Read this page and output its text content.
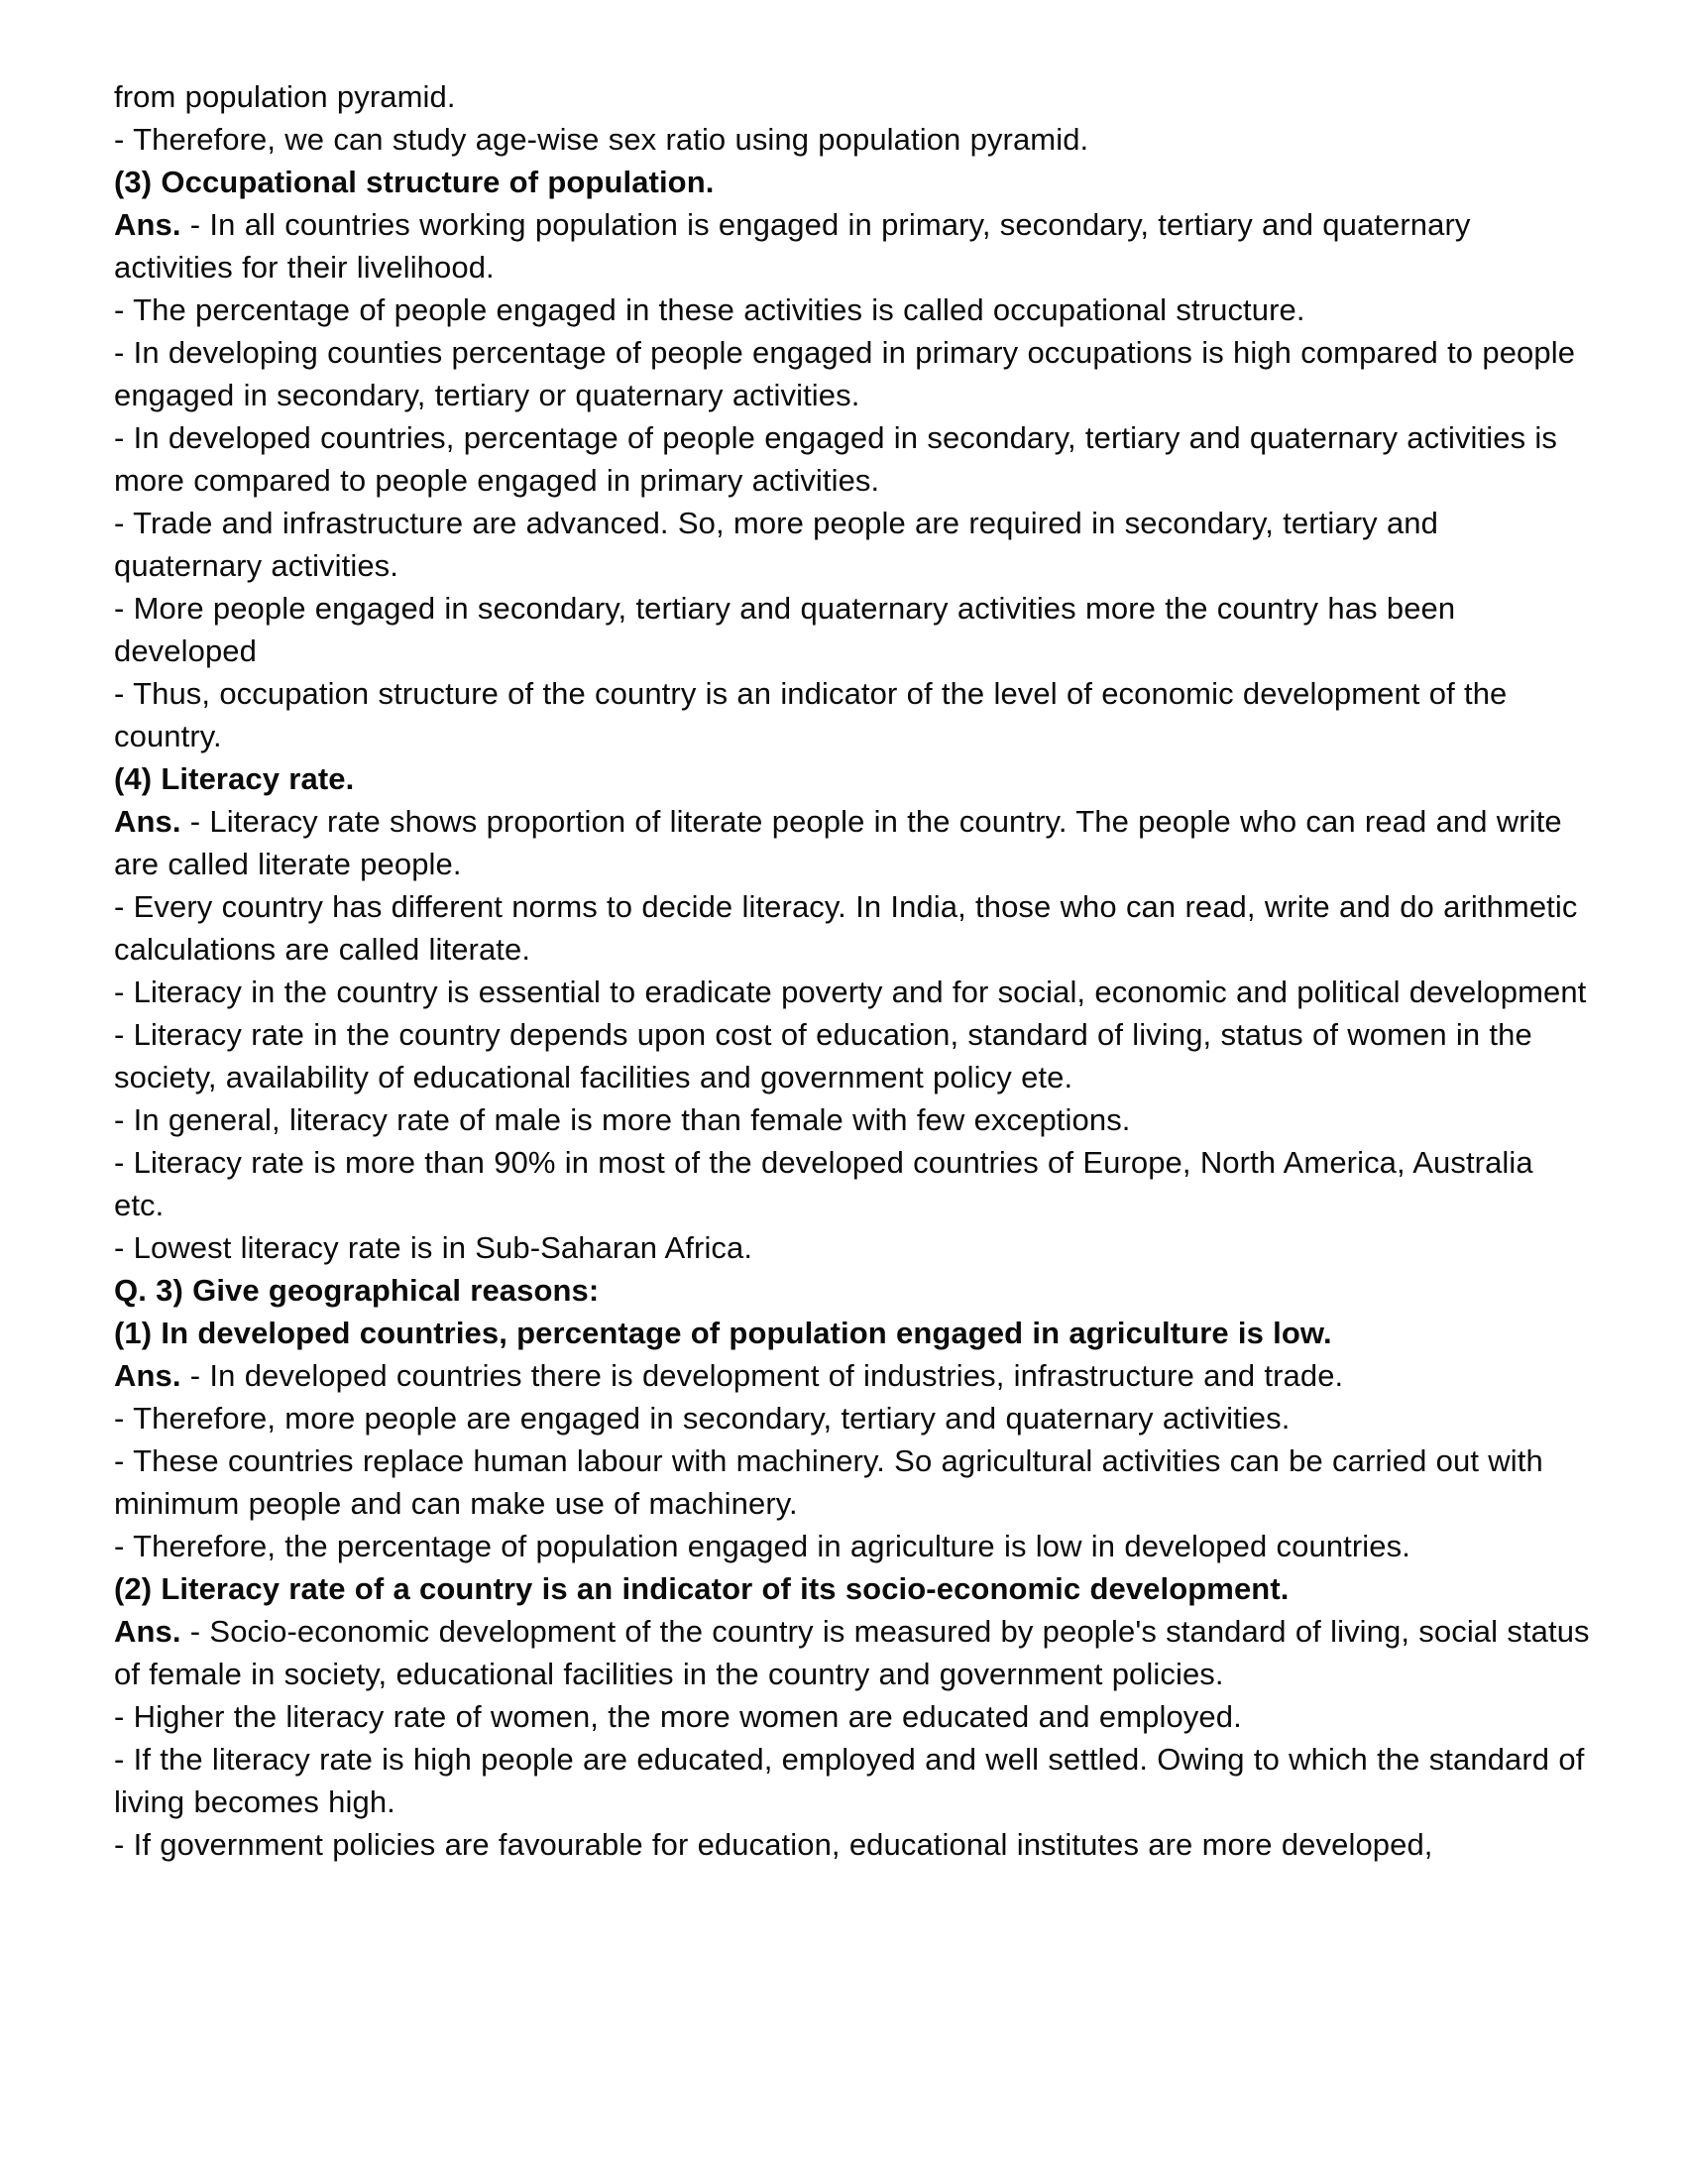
from population pyramid.

- Therefore, we can study age-wise sex ratio using population pyramid.

(3) Occupational structure of population.

Ans. - In all countries working population is engaged in primary, secondary, tertiary and quaternary activities for their livelihood.

- The percentage of people engaged in these activities is called occupational structure.

- In developing counties percentage of people engaged in primary occupations is high compared to people engaged in secondary, tertiary or quaternary activities.

- In developed countries, percentage of people engaged in secondary, tertiary and quaternary activities is more compared to people engaged in primary activities.

- Trade and infrastructure are advanced. So, more people are required in secondary, tertiary and quaternary activities.

- More people engaged in secondary, tertiary and quaternary activities more the country has been developed

- Thus, occupation structure of the country is an indicator of the level of economic development of the country.

(4) Literacy rate.

Ans. - Literacy rate shows proportion of literate people in the country. The people who can read and write are called literate people.

- Every country has different norms to decide literacy. In India, those who can read, write and do arithmetic calculations are called literate.

- Literacy in the country is essential to eradicate poverty and for social, economic and political development

- Literacy rate in the country depends upon cost of education, standard of living, status of women in the society, availability of educational facilities and government policy ete.

- In general, literacy rate of male is more than female with few exceptions.

- Literacy rate is more than 90% in most of the developed countries of Europe, North America, Australia etc.

- Lowest literacy rate is in Sub-Saharan Africa.

Q. 3) Give geographical reasons:

(1) In developed countries, percentage of population engaged in agriculture is low.

Ans. - In developed countries there is development of industries, infrastructure and trade.

- Therefore, more people are engaged in secondary, tertiary and quaternary activities.

- These countries replace human labour with machinery. So agricultural activities can be carried out with minimum people and can make use of machinery.

- Therefore, the percentage of population engaged in agriculture is low in developed countries.

(2) Literacy rate of a country is an indicator of its socio-economic development.

Ans. - Socio-economic development of the country is measured by people's standard of living, social status of female in society, educational facilities in the country and government policies.

- Higher the literacy rate of women, the more women are educated and employed.

- If the literacy rate is high people are educated, employed and well settled. Owing to which the standard of living becomes high.

- If government policies are favourable for education, educational institutes are more developed,
